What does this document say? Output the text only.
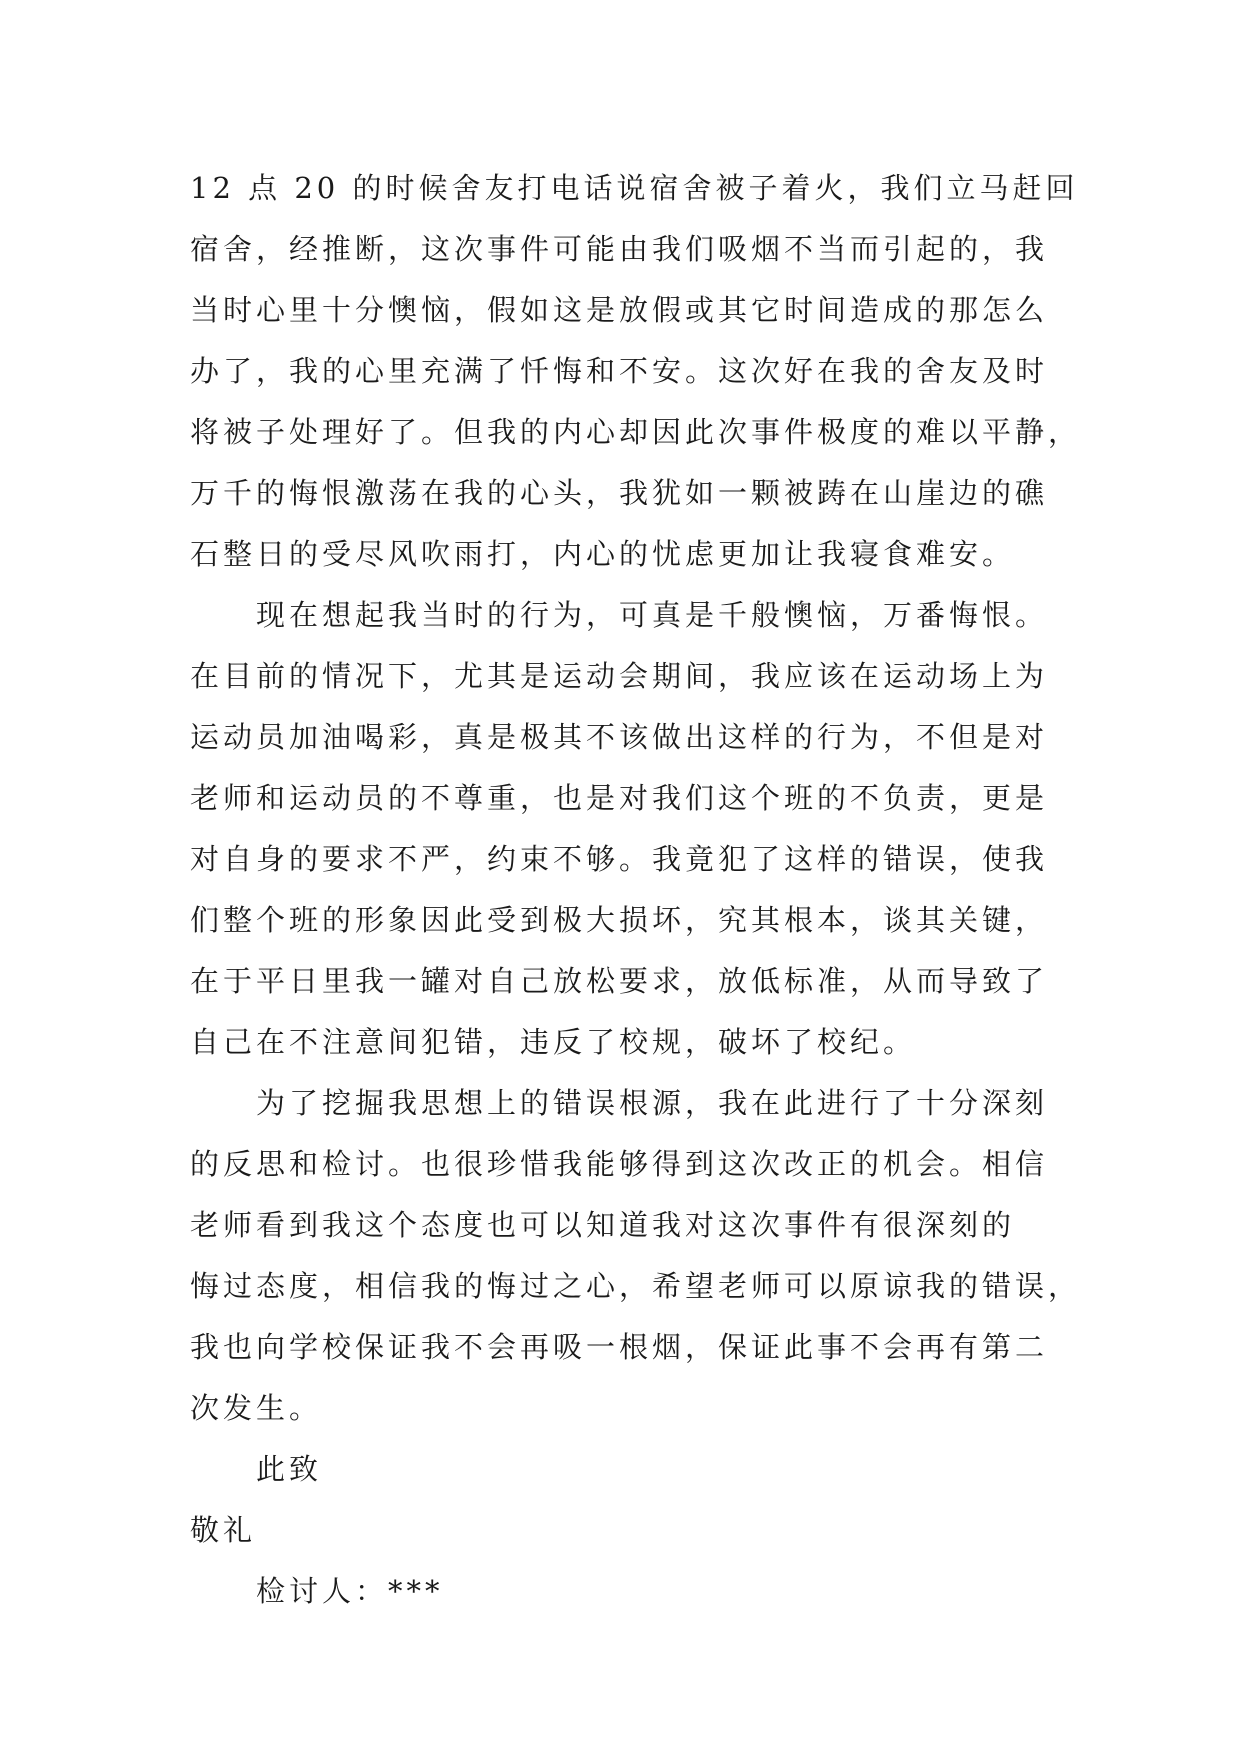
12 点 20 的时候舍友打电话说宿舍被子着火，我们立马赶回
宿舍，经推断，这次事件可能由我们吸烟不当而引起的，我
当时心里十分懊恼，假如这是放假或其它时间造成的那怎么
办了，我的心里充满了忏悔和不安。这次好在我的舍友及时
将被子处理好了。但我的内心却因此次事件极度的难以平静，
万千的悔恨激荡在我的心头，我犹如一颗被踌在山崖边的礁
石整日的受尽风吹雨打，内心的忧虑更加让我寝食难安。
现在想起我当时的行为，可真是千般懊恼，万番悔恨。
在目前的情况下，尤其是运动会期间，我应该在运动场上为
运动员加油喝彩，真是极其不该做出这样的行为，不但是对
老师和运动员的不尊重，也是对我们这个班的不负责，更是
对自身的要求不严，约束不够。我竟犯了这样的错误，使我
们整个班的形象因此受到极大损坏，究其根本，谈其关键，
在于平日里我一罐对自己放松要求，放低标准，从而导致了
自己在不注意间犯错，违反了校规，破坏了校纪。
为了挖掘我思想上的错误根源，我在此进行了十分深刻
的反思和检讨。也很珍惜我能够得到这次改正的机会。相信
老师看到我这个态度也可以知道我对这次事件有很深刻的
悔过态度，相信我的悔过之心，希望老师可以原谅我的错误，
我也向学校保证我不会再吸一根烟，保证此事不会再有第二
次发生。
此致
敬礼
检讨人：***
